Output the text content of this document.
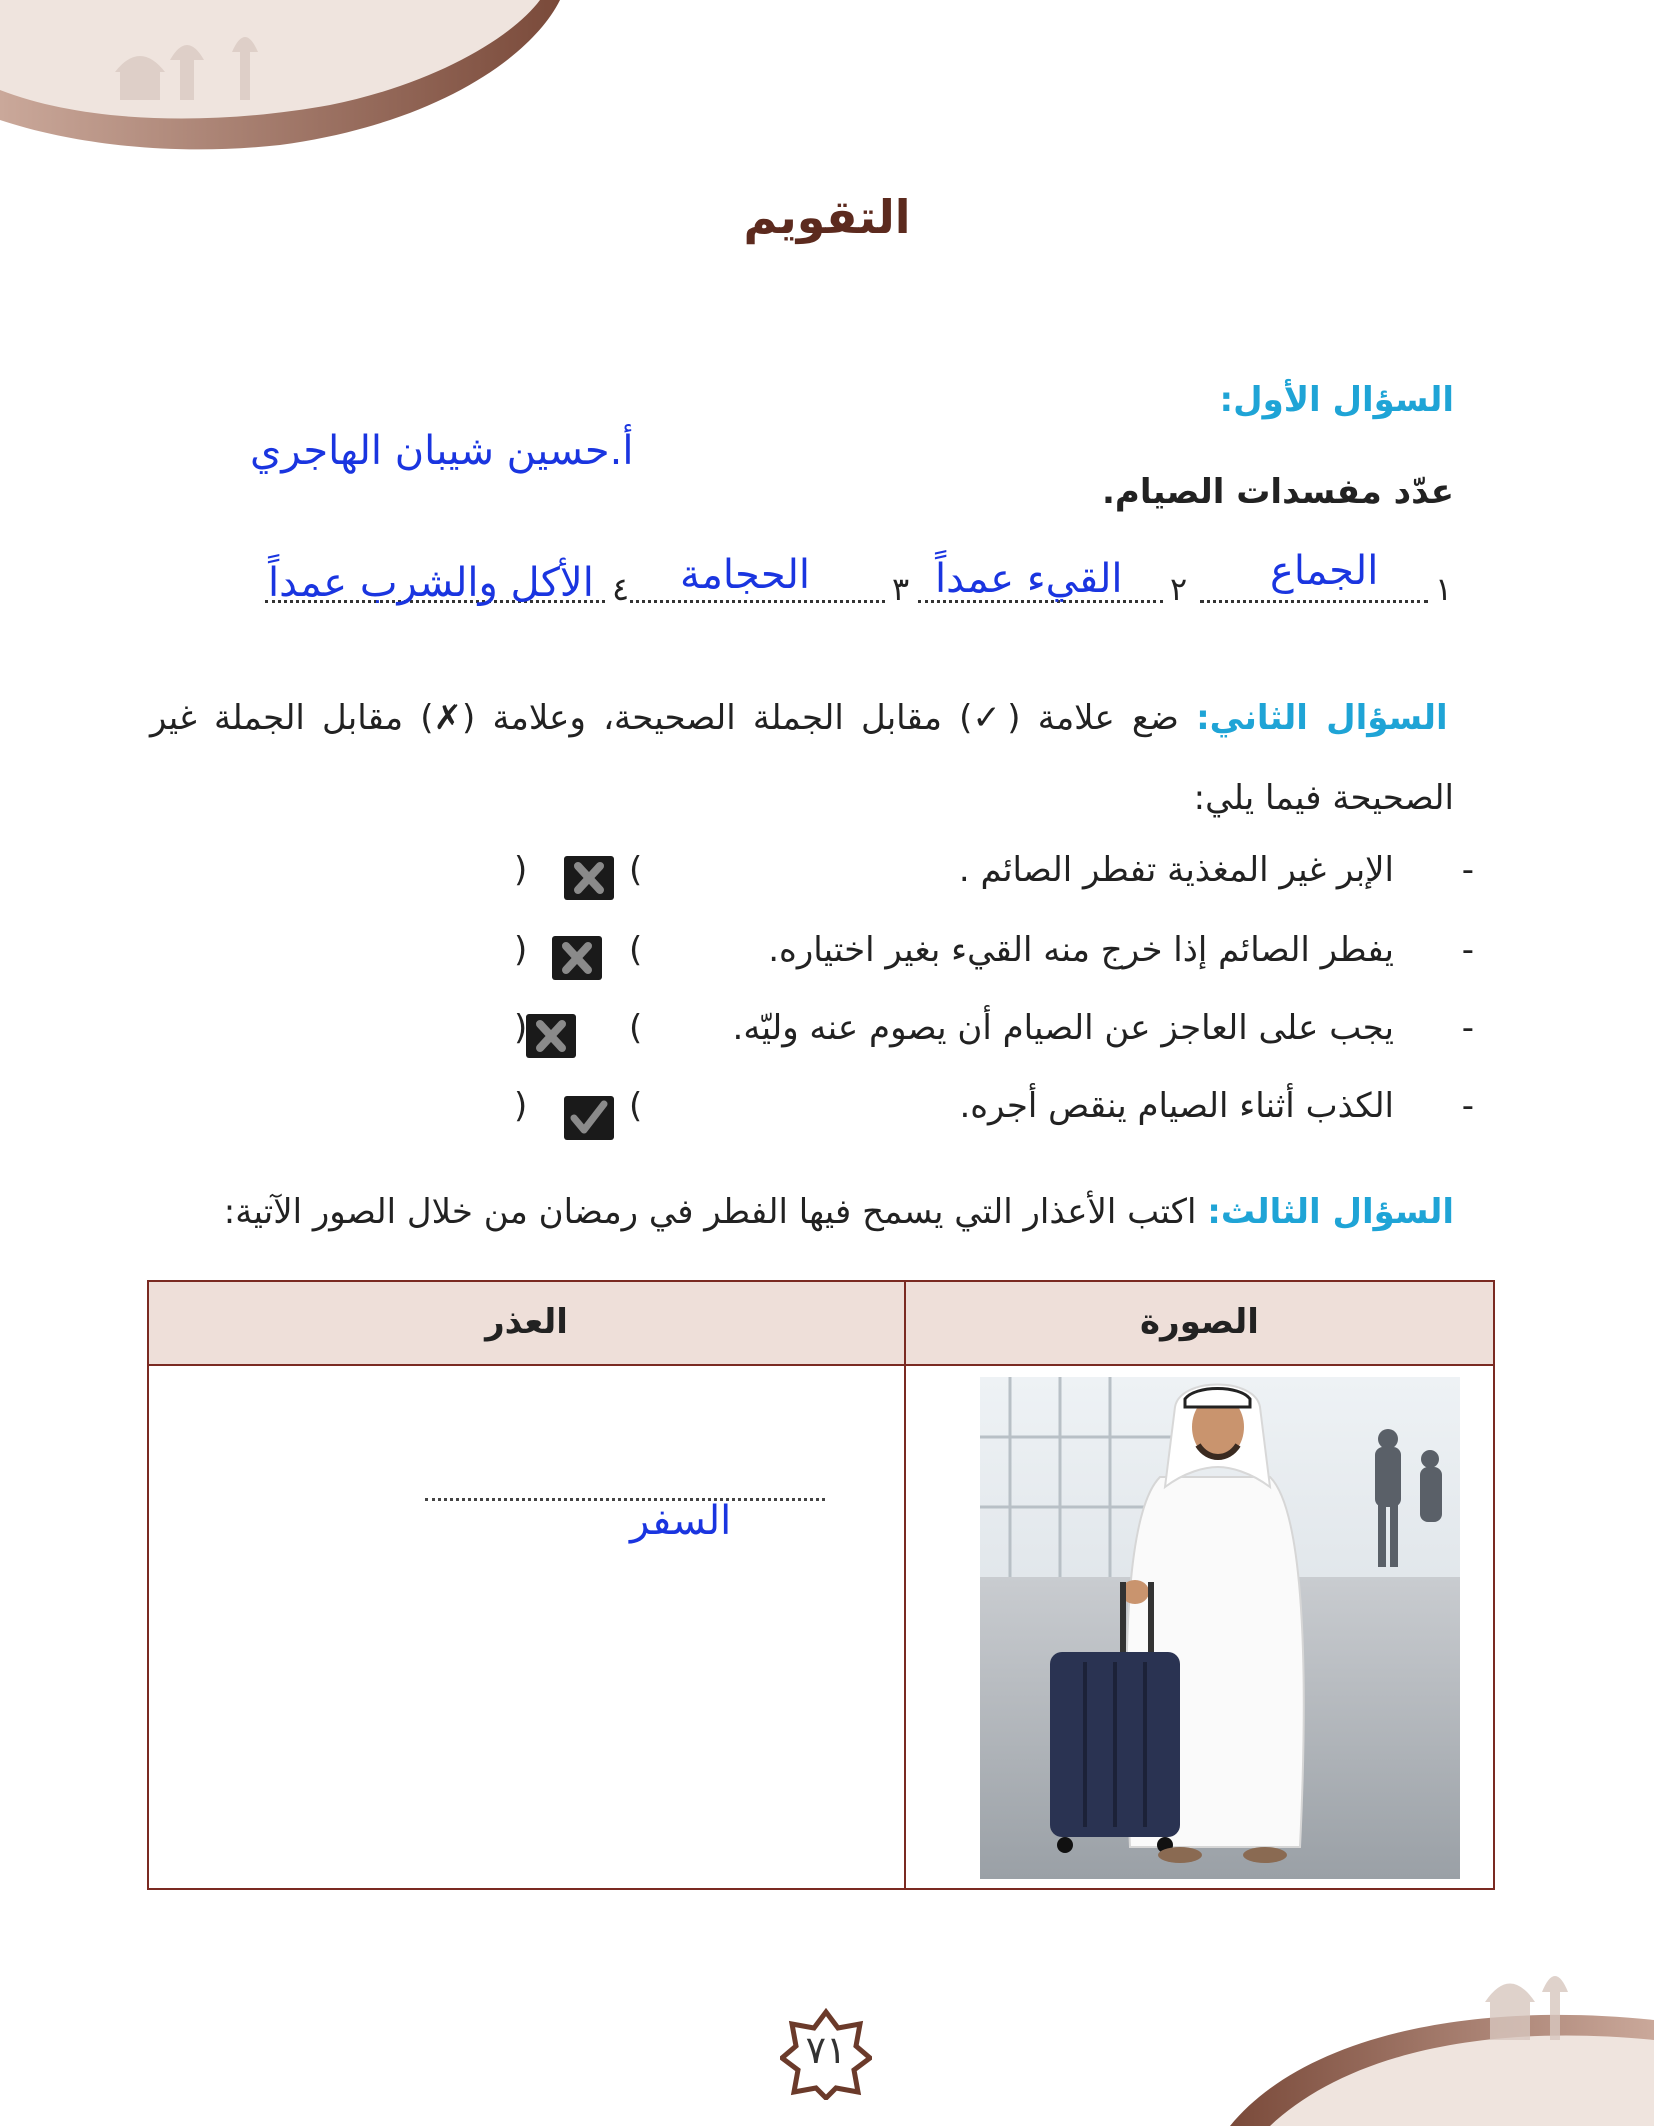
التقويم
السؤال الأول:
أ.حسين شيبان الهاجري
عدّد مفسدات الصيام.
١
الجماع
٢
القيء عمداً
٣
الحجامة
٤
الأكل والشرب عمداً
السؤال الثاني: ضع علامة (✓) مقابل الجملة الصحيحة، وعلامة (✗) مقابل الجملة غير الصحيحة فيما يلي:
-
الإبر غير المغذية تفطر الصائم .
(
)
-
يفطر الصائم إذا خرج منه القيء بغير اختياره.
(
)
-
يجب على العاجز عن الصيام أن يصوم عنه وليّه.
(
)
-
الكذب أثناء الصيام ينقص أجره.
(
)
السؤال الثالث: اكتب الأعذار التي يسمح فيها الفطر في رمضان من خلال الصور الآتية:
العذر	الصورة
السفر
٧١
